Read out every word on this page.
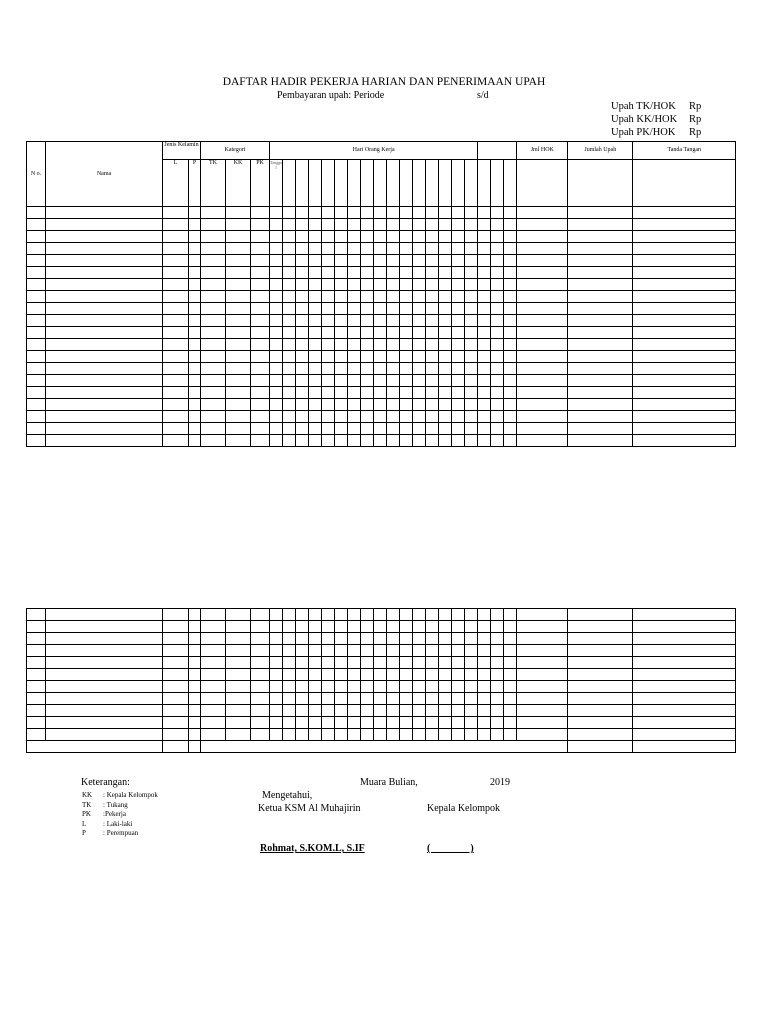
DAFTAR HADIR PEKERJA HARIAN DAN PENERIMAAN UPAH
Pembayaran upah: Periode	s/d
Upah TK/HOK Rp
Upah KK/HOK Rp
Upah PK/HOK Rp
N o.	Nama	Jenis Kelamin		Kategori			Hari Orang Kerja																			Jml HOK	Jumlah Upah	Tanda Tangan
		L	P	TK	KK	PK	Tanggal																					

Keterangan:
KK : Kepala Kelompok
TK : Tukang
PK :Pekerja
L : Laki-laki
P : Perempuan
Muara Bulian,	2019
Mengetahui,
Ketua KSM Al Muhajirin	Kepala Kelompok
Rohmat, S.KOM.L, S.IF	(                )
